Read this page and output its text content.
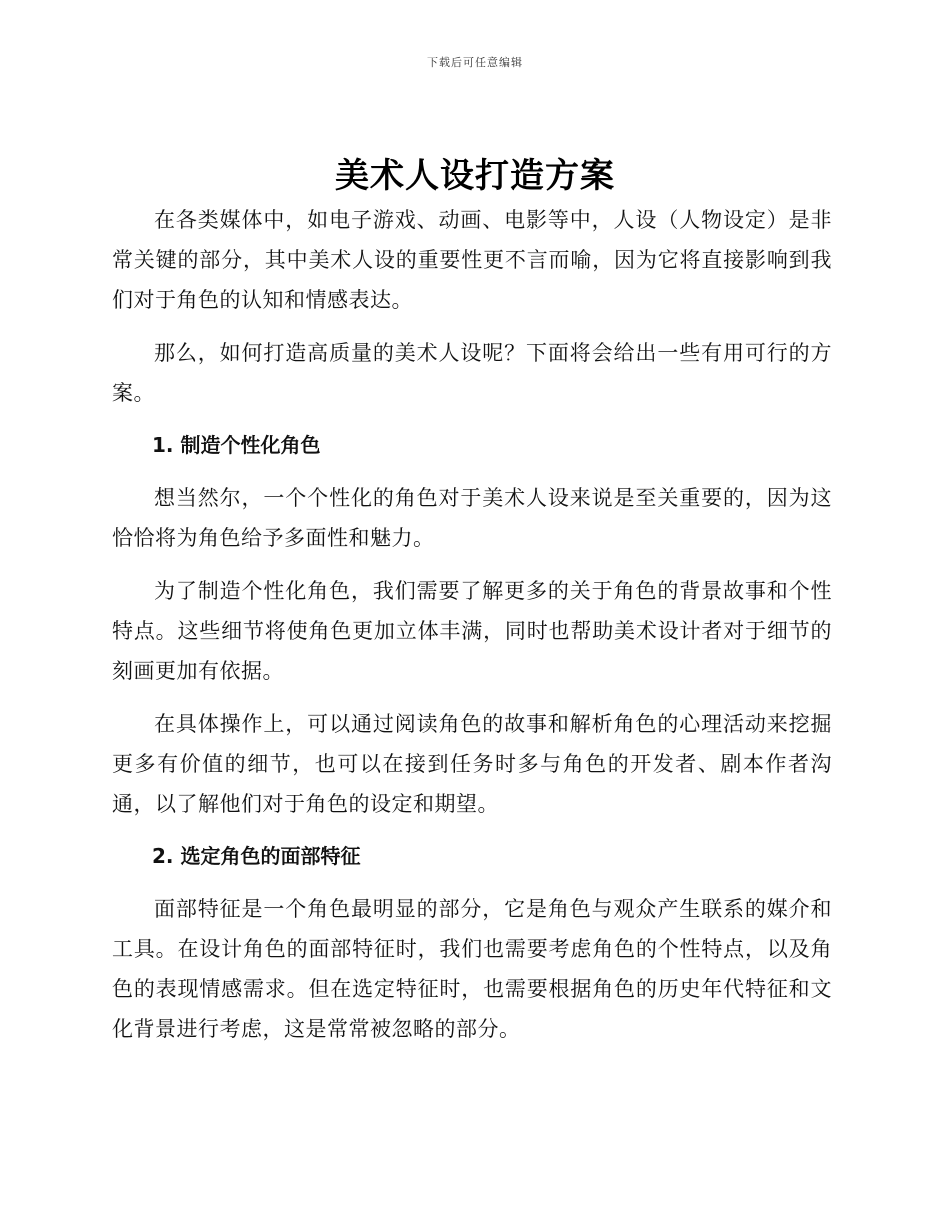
下载后可任意编辑
美术人设打造方案

在各类媒体中，如电子游戏、动画、电影等中，人设（人物设定）是非常关键的部分，其中美术人设的重要性更不言而喻，因为它将直接影响到我们对于角色的认知和情感表达。

那么，如何打造高质量的美术人设呢？下面将会给出一些有用可行的方案。

1. 制造个性化角色

想当然尔，一个个性化的角色对于美术人设来说是至关重要的，因为这恰恰将为角色给予多面性和魅力。

为了制造个性化角色，我们需要了解更多的关于角色的背景故事和个性特点。这些细节将使角色更加立体丰满，同时也帮助美术设计者对于细节的刻画更加有依据。

在具体操作上，可以通过阅读角色的故事和解析角色的心理活动来挖掘更多有价值的细节，也可以在接到任务时多与角色的开发者、剧本作者沟通，以了解他们对于角色的设定和期望。

2. 选定角色的面部特征

面部特征是一个角色最明显的部分，它是角色与观众产生联系的媒介和工具。在设计角色的面部特征时，我们也需要考虑角色的个性特点，以及角色的表现情感需求。但在选定特征时，也需要根据角色的历史年代特征和文化背景进行考虑，这是常常被忽略的部分。
